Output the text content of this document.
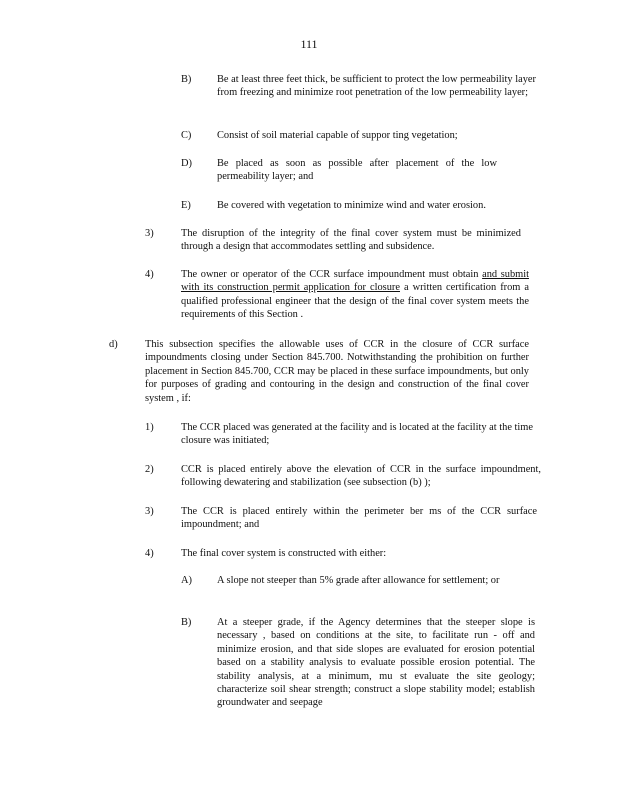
111
B) Be at least three feet thick, be sufficient to protect the low permeability layer from freezing and minimize root penetration of the low permeability layer;
C) Consist of soil material capable of suppor ting vegetation;
D) Be placed as soon as possible after placement of the low permeability layer; and
E)	Be covered with vegetation to minimize wind and water erosion.
3)	The disruption of the integrity of the final cover system must be minimized through a design that accommodates settling and subsidence.
4)	The owner or operator of the CCR surface impoundment must obtain and submit with its construction permit application for closure a written certification from a qualified professional engineer that the design of the final cover system meets the requirements of this Section .
d)	This subsection specifies the allowable uses of CCR in the closure of CCR surface impoundments closing under Section 845.700. Notwithstanding the prohibition on further placement in Section 845.700, CCR may be placed in these surface impoundments, but only for purposes of grading and contouring in the design and construction of the final cover system , if:
1)	The CCR placed was generated at the facility and is located at the facility at the time closure was initiated;
2)	CCR is placed entirely above the elevation of CCR in the surface impoundment, following dewatering and stabilization (see subsection (b) );
3)	The CCR is placed entirely within the perimeter ber ms of the CCR surface impoundment; and
4)	The final cover system is constructed with either:
A) A slope not steeper than 5% grade after allowance for settlement; or
B) At a steeper grade, if the Agency determines that the steeper slope is necessary , based on conditions at the site, to facilitate run - off and minimize erosion, and that side slopes are evaluated for erosion potential based on a stability analysis to evaluate possible erosion potential. The stability analysis, at a minimum, mu st evaluate the site geology; characterize soil shear strength; construct a slope stability model; establish groundwater and seepage
